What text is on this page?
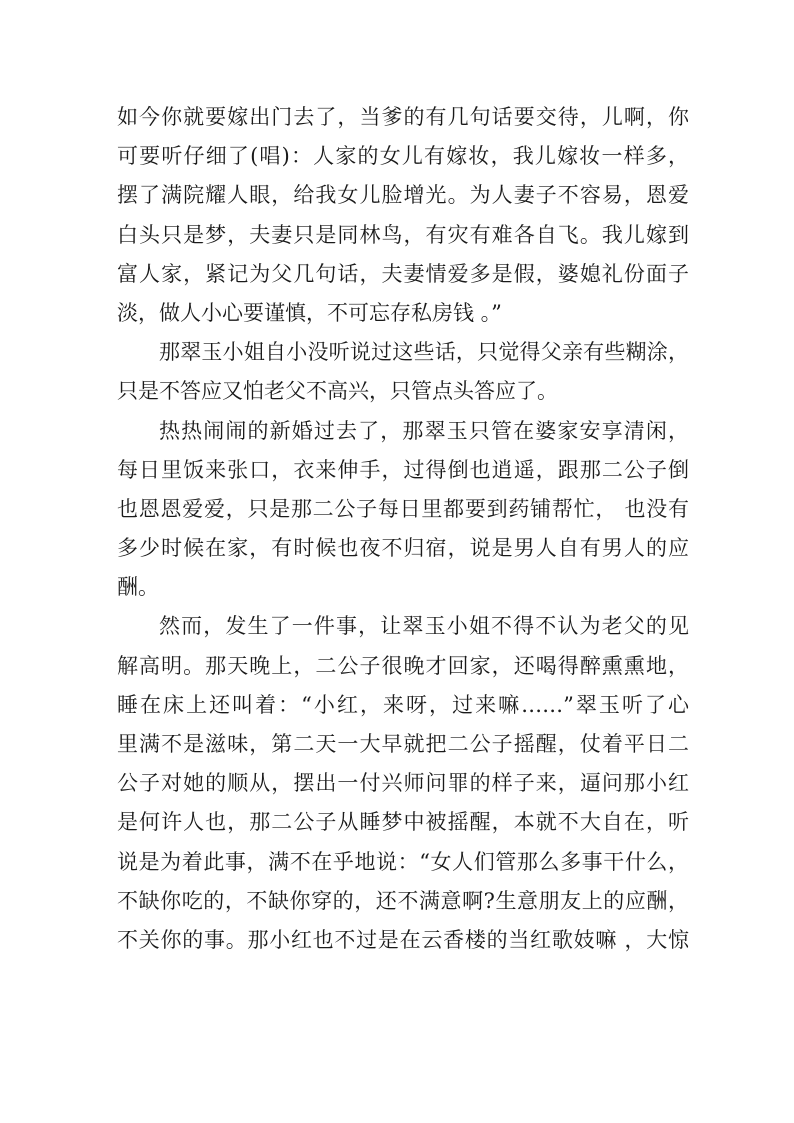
如今你就要嫁出门去了，当爹的有几句话要交待，儿啊，你
可要听仔细了(唱)：人家的女儿有嫁妆，我儿嫁妆一样多，
摆了满院耀人眼，给我女儿脸增光。为人妻子不容易，恩爱
白头只是梦，夫妻只是同林鸟，有灾有难各自飞。我儿嫁到
富人家，紧记为父几句话，夫妻情爱多是假，婆媳礼份面子
淡，做人小心要谨慎，不可忘存私房钱 。”
那翠玉小姐自小没听说过这些话，只觉得父亲有些糊涂，
只是不答应又怕老父不高兴，只管点头答应了。
热热闹闹的新婚过去了，那翠玉只管在婆家安享清闲，
每日里饭来张口，衣来伸手，过得倒也逍遥，跟那二公子倒
也恩恩爱爱，只是那二公子每日里都要到药铺帮忙， 也没有
多少时候在家，有时候也夜不归宿，说是男人自有男人的应
酬。
然而，发生了一件事，让翠玉小姐不得不认为老父的见
解高明。那天晚上，二公子很晚才回家，还喝得醉熏熏地，
睡在床上还叫着：“小红，来呀，过来嘛……”翠玉听了心
里满不是滋味，第二天一大早就把二公子摇醒，仗着平日二
公子对她的顺从，摆出一付兴师问罪的样子来，逼问那小红
是何许人也，那二公子从睡梦中被摇醒，本就不大自在，听
说是为着此事，满不在乎地说：“女人们管那么多事干什么，
不缺你吃的，不缺你穿的，还不满意啊?生意朋友上的应酬，
不关你的事。那小红也不过是在云香楼的当红歌妓嘛 ，大惊
